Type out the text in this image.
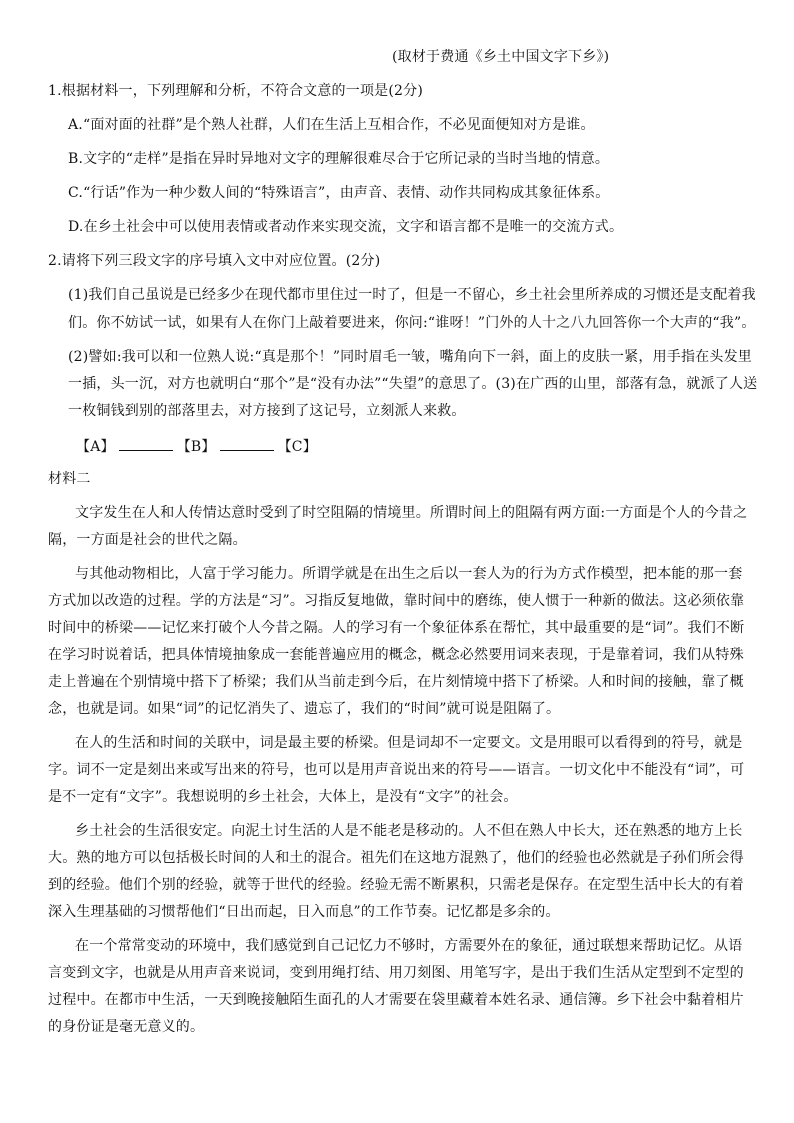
(取材于费通《乡土中国文字下乡》)
1.根据材料一，下列理解和分析，不符合文意的一项是(2分)
A.“面对面的社群”是个熟人社群，人们在生活上互相合作，不必见面便知对方是谁。
B.文字的“走样”是指在异时异地对文字的理解很难尽合于它所记录的当时当地的情意。
C.“行话”作为一种少数人间的“特殊语言”，由声音、表情、动作共同构成其象征体系。
D.在乡土社会中可以使用表情或者动作来实现交流，文字和语言都不是唯一的交流方式。
2.请将下列三段文字的序号填入文中对应位置。(2分)
(1)我们自己虽说是已经多少在现代都市里住过一时了，但是一不留心，乡土社会里所养成的习惯还是支配着我
们。你不妨试一试，如果有人在你门上敲着要进来，你问:“谁呀！”门外的人十之八九回答你一个大声的“我”。
(2)譬如:我可以和一位熟人说:“真是那个！”同时眉毛一皱，嘴角向下一斜，面上的皮肤一紧，用手指在头发里
一插，头一沉，对方也就明白“那个”是“没有办法”“失望”的意思了。(3)在广西的山里，部落有急，就派了人送
一枚铜钱到别的部落里去，对方接到了这记号，立刻派人来救。
【A】	【B】	【C】
材料二
文字发生在人和人传情达意时受到了时空阻隔的情境里。所谓时间上的阻隔有两方面:一方面是个人的今昔之
隔，一方面是社会的世代之隔。
与其他动物相比，人富于学习能力。所谓学就是在出生之后以一套人为的行为方式作模型，把本能的那一套
方式加以改造的过程。学的方法是“习”。习指反复地做，靠时间中的磨练，使人惯于一种新的做法。这必须依靠
时间中的桥梁——记忆来打破个人今昔之隔。人的学习有一个象征体系在帮忙，其中最重要的是“词”。我们不断
在学习时说着话，把具体情境抽象成一套能普遍应用的概念，概念必然要用词来表现，于是靠着词，我们从特殊
走上普遍在个别情境中搭下了桥梁；我们从当前走到今后，在片刻情境中搭下了桥梁。人和时间的接触，靠了概
念，也就是词。如果“词”的记忆消失了、遗忘了，我们的“时间”就可说是阻隔了。
在人的生活和时间的关联中，词是最主要的桥梁。但是词却不一定要文。文是用眼可以看得到的符号，就是
字。词不一定是刻出来或写出来的符号，也可以是用声音说出来的符号——语言。一切文化中不能没有“词”，可
是不一定有“文字”。我想说明的乡土社会，大体上，是没有“文字”的社会。
乡土社会的生活很安定。向泥土讨生活的人是不能老是移动的。人不但在熟人中长大，还在熟悉的地方上长
大。熟的地方可以包括极长时间的人和土的混合。祖先们在这地方混熟了，他们的经验也必然就是子孙们所会得
到的经验。他们个别的经验，就等于世代的经验。经验无需不断累积，只需老是保存。在定型生活中长大的有着
深入生理基础的习惯帮他们“日出而起，日入而息”的工作节奏。记忆都是多余的。
在一个常常变动的环境中，我们感觉到自己记忆力不够时，方需要外在的象征，通过联想来帮助记忆。从语
言变到文字，也就是从用声音来说词，变到用绳打结、用刀刻图、用笔写字，是出于我们生活从定型到不定型的
过程中。在都市中生活，一天到晚接触陌生面孔的人才需要在袋里藏着本姓名录、通信簿。乡下社会中黏着相片
的身份证是毫无意义的。
